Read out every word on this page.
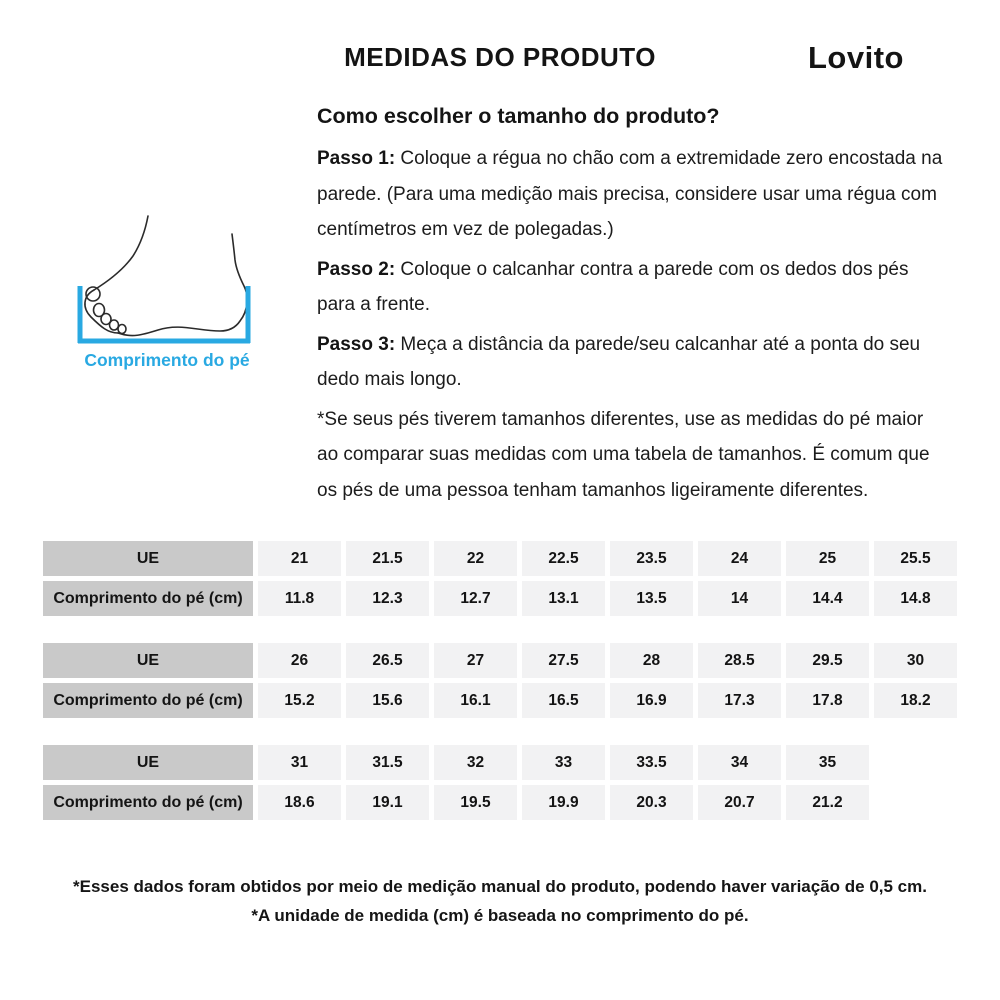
MEDIDAS DO PRODUTO	Lovito
Como escolher o tamanho do produto?

Passo 1: Coloque a régua no chão com a extremidade zero encostada na parede. (Para uma medição mais precisa, considere usar uma régua com centímetros em vez de polegadas.)

Passo 2: Coloque o calcanhar contra a parede com os dedos dos pés para a frente.

Passo 3: Meça a distância da parede/seu calcanhar até a ponta do seu dedo mais longo.

*Se seus pés tiverem tamanhos diferentes, use as medidas do pé maior ao comparar suas medidas com uma tabela de tamanhos. É comum que os pés de uma pessoa tenham tamanhos ligeiramente diferentes.

Comprimento do pé
UE	21	21.5	22	22.5	23.5	24	25	25.5
Comprimento do pé (cm)	11.8	12.3	12.7	13.1	13.5	14	14.4	14.8
UE	26	26.5	27	27.5	28	28.5	29.5	30
Comprimento do pé (cm)	15.2	15.6	16.1	16.5	16.9	17.3	17.8	18.2
UE	31	31.5	32	33	33.5	34	35
Comprimento do pé (cm)	18.6	19.1	19.5	19.9	20.3	20.7	21.2
*Esses dados foram obtidos por meio de medição manual do produto, podendo haver variação de 0,5 cm.
*A unidade de medida (cm) é baseada no comprimento do pé.
